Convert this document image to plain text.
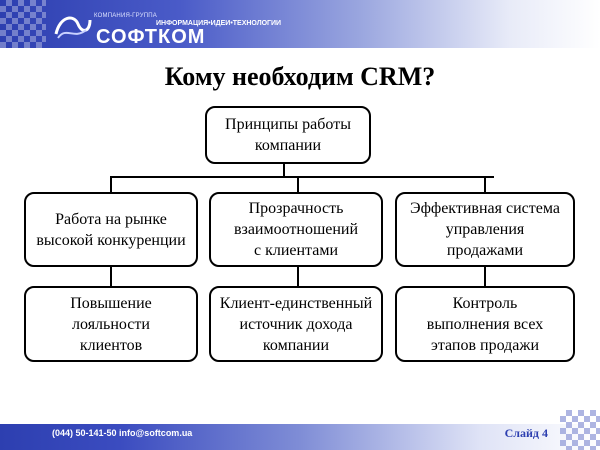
КОМПАНИЯ-ГРУППА
ИНФОРМАЦИЯ•ИДЕИ•ТЕХНОЛОГИИ
СОФТКОМ
Кому необходим CRM?
Принципы работы
компании
Работа на рынке
высокой конкуренции
Прозрачность
взаимоотношений
с клиентами
Эффективная система
управления
продажами
Повышение
лояльности
клиентов
Клиент-единственный
источник дохода
компании
Контроль
выполнения всех
этапов продажи
(044) 50-141-50 info@softcom.ua	Слайд 4
